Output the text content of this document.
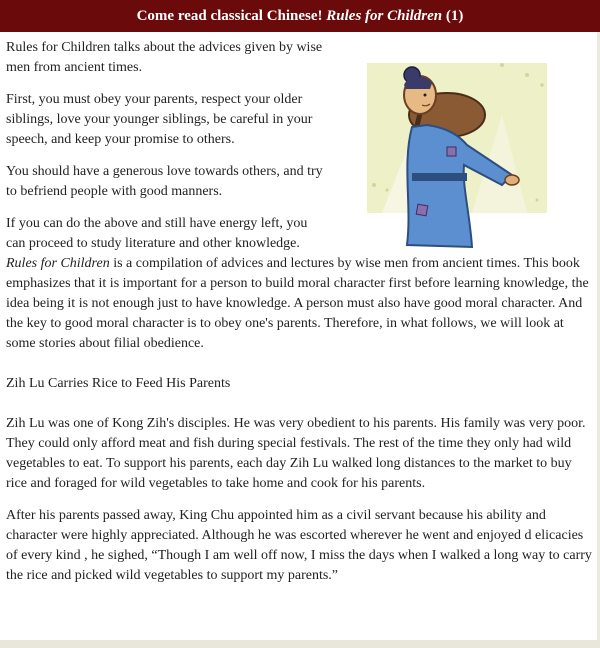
Come read classical Chinese! Rules for Children (1)

Rules for Children talks about the advices given by wise men from ancient times.

First, you must obey your parents, respect your older siblings, love your younger siblings, be careful in your speech, and keep your promise to others.

You should have a generous love towards others, and try to befriend people with good manners.

If you can do the above and still have energy left, you can proceed to study literature and other knowledge.
Rules for Children is a compilation of advices and lectures by wise men from ancient times. This book emphasizes that it is important for a person to build moral character first before learning knowledge, the idea being it is not enough just to have knowledge. A person must also have good moral character. And the key to good moral character is to obey one's parents. Therefore, in what follows, we will look at some stories about filial obedience.

Zih Lu Carries Rice to Feed His Parents

Zih Lu was one of Kong Zih's disciples. He was very obedient to his parents. His family was very poor. They could only afford meat and fish during special festivals. The rest of the time they only had wild vegetables to eat. To support his parents, each day Zih Lu walked long distances to the market to buy rice and foraged for wild vegetables to take home and cook for his parents.

After his parents passed away, King Chu appointed him as a civil servant because his ability and character were highly appreciated. Although he was escorted wherever he went and enjoyed d elicacies of every kind , he sighed, “Though I am well off now, I miss the days when I walked a long way to carry the rice and picked wild vegetables to support my parents.”
